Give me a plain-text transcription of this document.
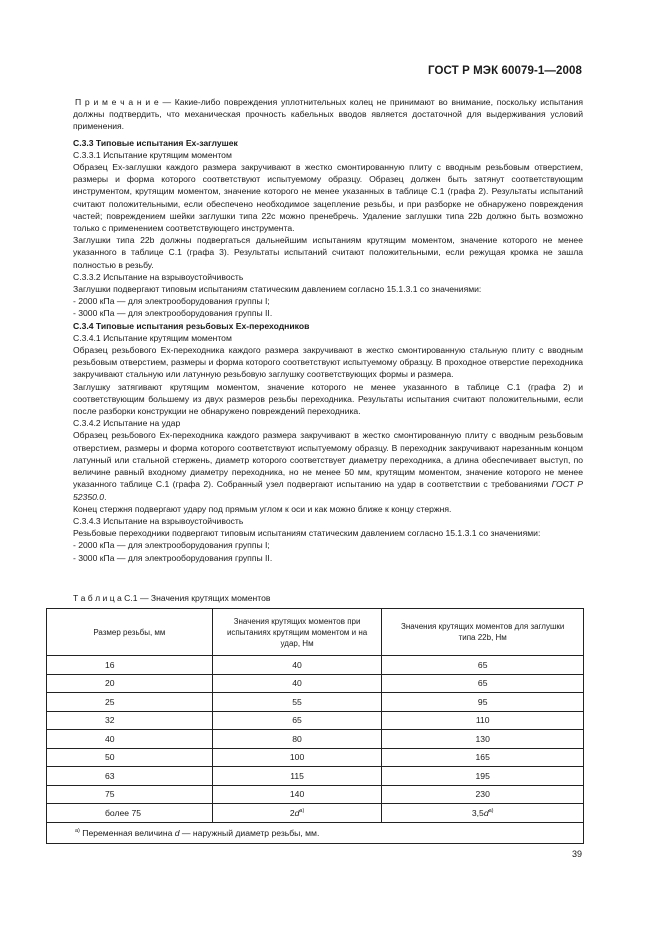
ГОСТ Р МЭК 60079-1—2008

П р и м е ч а н и е — Какие-либо повреждения уплотнительных колец не принимают во внимание, поскольку испытания должны подтвердить, что механическая прочность кабельных вводов является достаточной для выдерживания условий применения.

С.3.3 Типовые испытания Ex-заглушек

С.3.3.1 Испытание крутящим моментом

Образец Ex-заглушки каждого размера закручивают в жестко смонтированную плиту с вводным резьбовым отверстием, размеры и форма которого соответствуют испытуемому образцу. Образец должен быть затянут соответствующим инструментом, крутящим моментом, значение которого не менее указанных в таблице С.1 (графа 2). Результаты испытаний считают положительными, если обеспечено необходимое зацепление резьбы, и при разборке не обнаружено повреждения частей; повреждением шейки заглушки типа 22с можно пренебречь. Удаление заглушки типа 22b должно быть возможно только с применением соответствующего инструмента.

Заглушки типа 22b должны подвергаться дальнейшим испытаниям крутящим моментом, значение которого не менее указанного в таблице С.1 (графа 3). Результаты испытаний считают положительными, если режущая кромка не зашла полностью в резьбу.

С.3.3.2 Испытание на взрывоустойчивость

Заглушки подвергают типовым испытаниям статическим давлением согласно 15.1.3.1 со значениями:

- 2000 кПа — для электрооборудования группы I;

- 3000 кПа — для электрооборудования группы II.

С.3.4 Типовые испытания резьбовых Ex-переходников

С.3.4.1 Испытание крутящим моментом

Образец резьбового Ex-переходника каждого размера закручивают в жестко смонтированную стальную плиту с вводным резьбовым отверстием, размеры и форма которого соответствуют испытуемому образцу. В проходное отверстие переходника закручивают стальную или латунную резьбовую заглушку соответствующих формы и размера.

Заглушку затягивают крутящим моментом, значение которого не менее указанного в таблице С.1 (графа 2) и соответствующим большему из двух размеров резьбы переходника. Результаты испытания считают положительными, если после разборки конструкции не обнаружено повреждений переходника.

С.3.4.2 Испытание на удар

Образец резьбового Ex-переходника каждого размера закручивают в жестко смонтированную плиту с вводным резьбовым отверстием, размеры и форма которого соответствуют испытуемому образцу. В переходник закручивают нарезанным концом латунный или стальной стержень, диаметр которого соответствует диаметру переходника, а длина обеспечивает выступ, по величине равный входному диаметру переходника, но не менее 50 мм, крутящим моментом, значение которого не менее указанного таблице С.1 (графа 2). Собранный узел подвергают испытанию на удар в соответствии с требованиями ГОСТ Р 52350.0.

Конец стержня подвергают удару под прямым углом к оси и как можно ближе к концу стержня.

С.3.4.3 Испытание на взрывоустойчивость

Резьбовые переходники подвергают типовым испытаниям статическим давлением согласно 15.1.3.1 со значениями:

- 2000 кПа — для электрооборудования группы I;

- 3000 кПа — для электрооборудования группы II.

Т а б л и ц а С.1 — Значения крутящих моментов
Размер резьбы, мм	Значения крутящих моментов при испытаниях крутящим моментом и на удар, Нм	Значения крутящих моментов для заглушки типа 22b, Нм
16	40	65
20	40	65
25	55	95
32	65	110
40	80	130
50	100	165
63	115	195
75	140	230
более 75	$2d^{а)}$	$3,5d^{а)}$
$^{а)}$ Переменная величина d — наружный диаметр резьбы, мм.		
39
